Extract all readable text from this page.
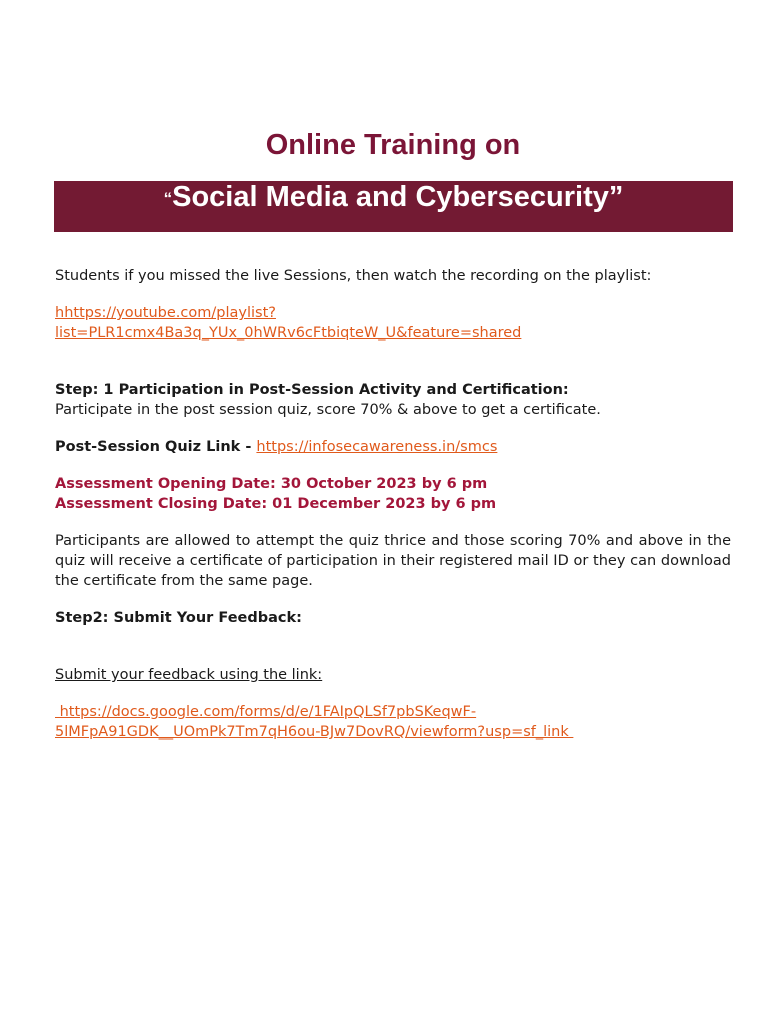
Online Training on
“Social Media and Cybersecurity”

Students if you missed the live Sessions, then watch the recording on the playlist:

hhttps://youtube.com/playlist?list=PLR1cmx4Ba3q_YUx_0hWRv6cFtbiqteW_U&feature=shared

Step: 1 Participation in Post-Session Activity and Certification:

Participate in the post session quiz, score 70% & above to get a certificate.

Post-Session Quiz Link - https://infosecawareness.in/smcs

Assessment Opening Date: 30 October 2023 by 6 pm

Assessment Closing Date: 01 December 2023 by 6 pm

Participants are allowed to attempt the quiz thrice and those scoring 70% and above in the quiz will receive a certificate of participation in their registered mail ID or they can download the certificate from the same page.

Step2: Submit Your Feedback:

Submit your feedback using the link:

https://docs.google.com/forms/d/e/1FAIpQLSf7pbSKeqwF-
5lMFpA91GDK__UOmPk7Tm7qH6ou-BJw7DovRQ/viewform?usp=sf_link
